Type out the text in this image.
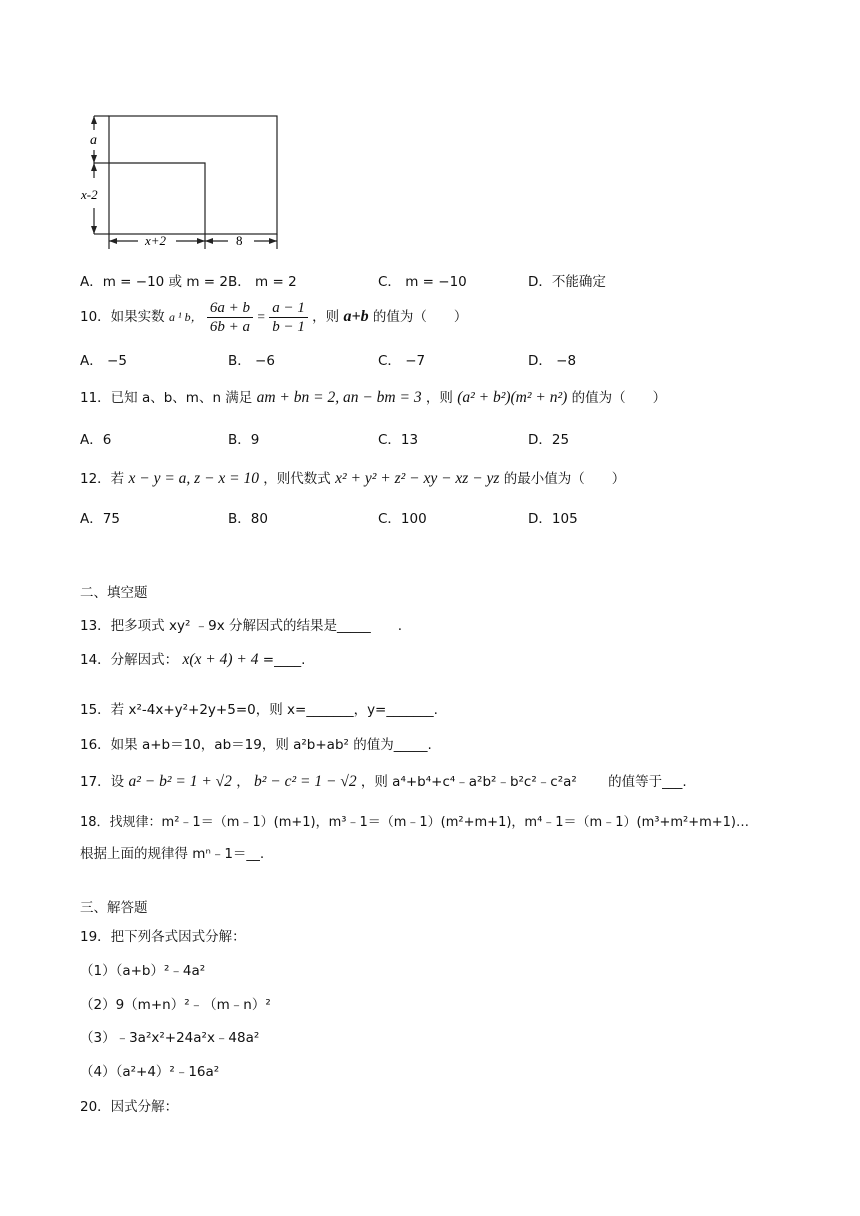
a
x-2
x+2	8
A．m = −10 或 m = 2 B． m = 2	C． m = −10	D．不能确定
10．如果实数 a ¹ b， $\frac{6a + b}{6b + a} = \frac{a - 1}{b - 1}$ ，则 a+b 的值为（　　）
A． −5	B． −6	C． −7	D． −8
11．已知 a、b、m、n 满足 am + bn = 2, an − bm = 3 ，则 (a² + b²)(m² + n²) 的值为（　　）
A．6	B．9	C．13	D．25
12．若 x − y = a, z − x = 10 ，则代数式 x² + y² + z² − xy − xz − yz 的最小值为（　　）
A．75	B．80	C．100	D．105
二、填空题
13．把多项式 xy² ﹣9x 分解因式的结果是_____　　.
14．分解因式： x(x + 4) + 4 =____.
15．若 x²-4x+y²+2y+5=0，则 x=_______，y=_______.
16．如果 a+b＝10，ab＝19，则 a²b+ab² 的值为_____.
17．设 a² − b² = 1 + √2 ， b² − c² = 1 − √2 ，则 a⁴+b⁴+c⁴﹣a²b²﹣b²c²﹣c²a² 　　的值等于___.
18．找规律：m²﹣1＝（m﹣1）(m+1)，m³﹣1＝（m﹣1）(m²+m+1)，m⁴﹣1＝（m﹣1）(m³+m²+m+1)…
根据上面的规律得 mⁿ﹣1＝__.
三、解答题
19．把下列各式因式分解：
（1）（a+b）²﹣4a²
（2）9（m+n）²﹣（m﹣n）²
（3）﹣3a²x²+24a²x﹣48a²
（4）（a²+4）²﹣16a²
20．因式分解：
